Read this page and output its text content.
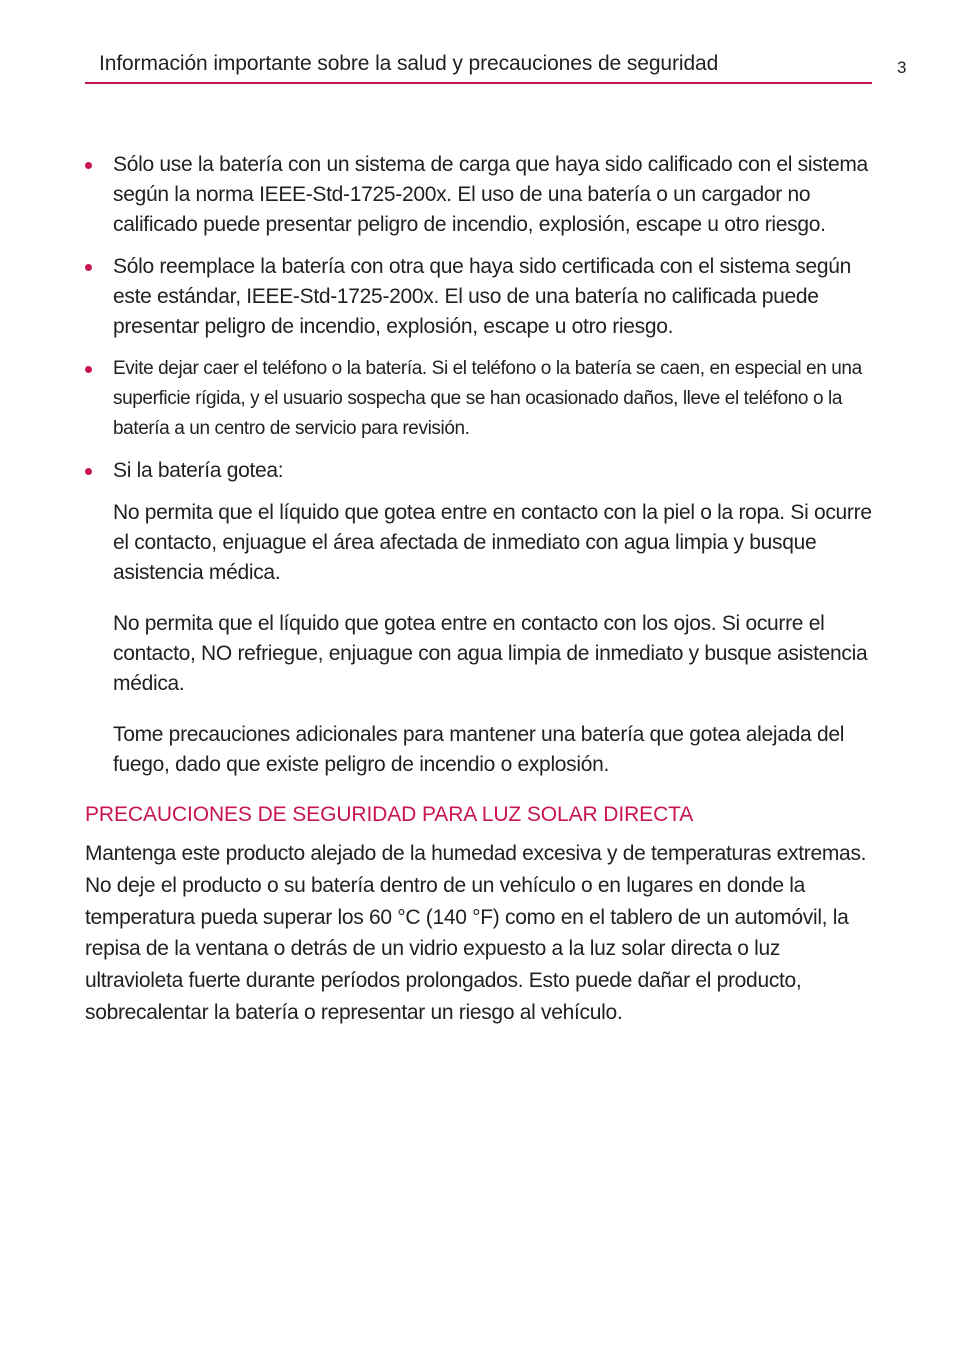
Información importante sobre la salud y precauciones de seguridad	3
Sólo use la batería con un sistema de carga que haya sido calificado con el sistema según la norma IEEE-Std-1725-200x. El uso de una batería o un cargador no calificado puede presentar peligro de incendio, explosión, escape u otro riesgo.
Sólo reemplace la batería con otra que haya sido certificada con el sistema según este estándar, IEEE-Std-1725-200x. El uso de una batería no calificada puede presentar peligro de incendio, explosión, escape u otro riesgo.
Evite dejar caer el teléfono o la batería. Si el teléfono o la batería se caen, en especial en una superficie rígida, y el usuario sospecha que se han ocasionado daños, lleve el teléfono o la batería a un centro de servicio para revisión.
Si la batería gotea:

No permita que el líquido que gotea entre en contacto con la piel o la ropa. Si ocurre el contacto, enjuague el área afectada de inmediato con agua limpia y busque asistencia médica.

No permita que el líquido que gotea entre en contacto con los ojos. Si ocurre el contacto, NO refriegue, enjuague con agua limpia de inmediato y busque asistencia médica.

Tome precauciones adicionales para mantener una batería que gotea alejada del fuego, dado que existe peligro de incendio o explosión.

PRECAUCIONES DE SEGURIDAD PARA LUZ SOLAR DIRECTA

Mantenga este producto alejado de la humedad excesiva y de temperaturas extremas. No deje el producto o su batería dentro de un vehículo o en lugares en donde la temperatura pueda superar los 60 °C (140 °F) como en el tablero de un automóvil, la repisa de la ventana o detrás de un vidrio expuesto a la luz solar directa o luz ultravioleta fuerte durante períodos prolongados. Esto puede dañar el producto, sobrecalentar la batería o representar un riesgo al vehículo.
